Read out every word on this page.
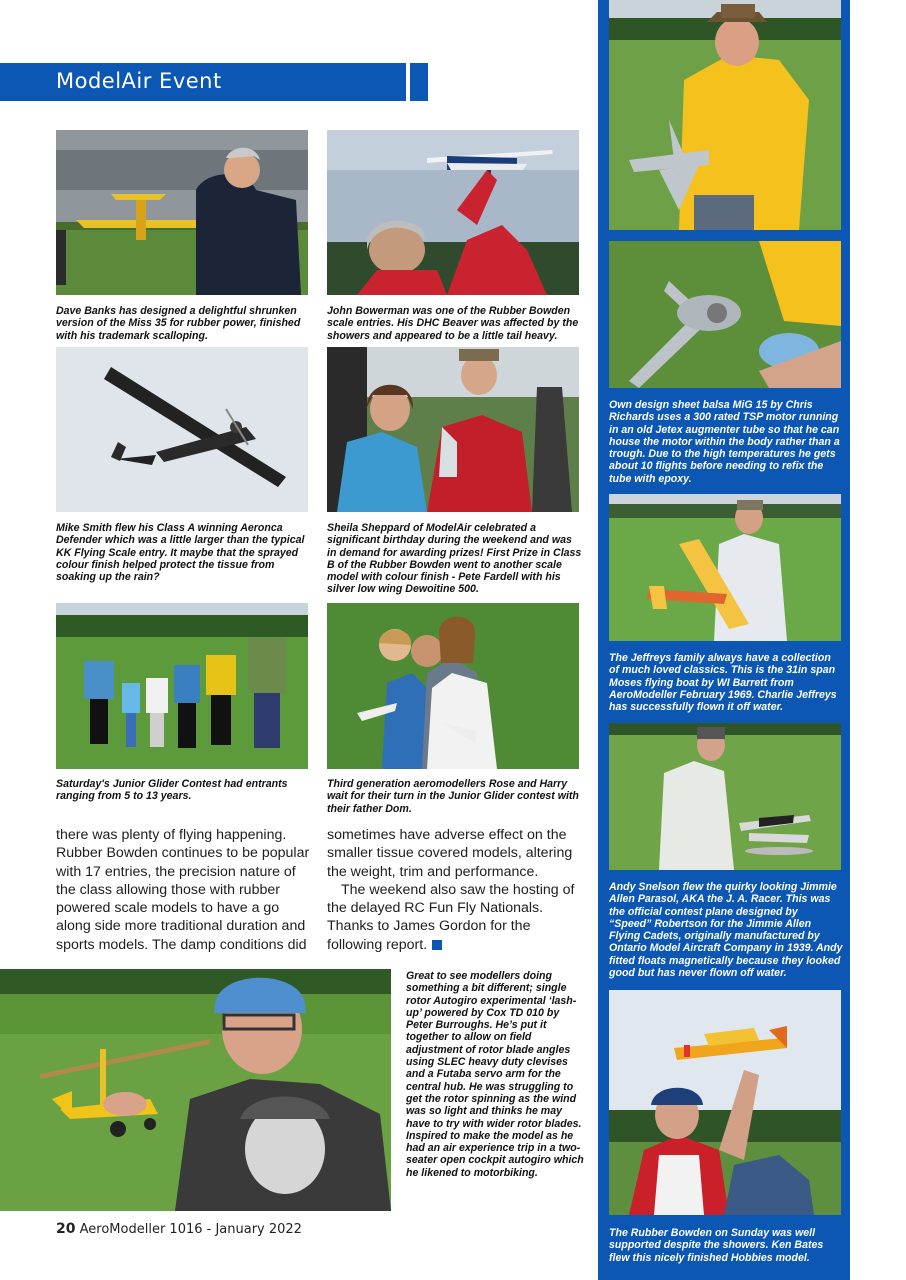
ModelAir Event
Dave Banks has designed a delightful shrunken version of the Miss 35 for rubber power, finished with his trademark scalloping.
John Bowerman was one of the Rubber Bowden scale entries. His DHC Beaver was affected by the showers and appeared to be a little tail heavy.
Mike Smith flew his Class A winning Aeronca Defender which was a little larger than the typical KK Flying Scale entry. It maybe that the sprayed colour finish helped protect the tissue from soaking up the rain?
Sheila Sheppard of ModelAir celebrated a significant birthday during the weekend and was in demand for awarding prizes! First Prize in Class B of the Rubber Bowden went to another scale model with colour finish - Pete Fardell with his silver low wing Dewoitine 500.
Saturday's Junior Glider Contest had entrants ranging from 5 to 13 years.
Third generation aeromodellers Rose and Harry wait for their turn in the Junior Glider contest with their father Dom.

there was plenty of flying happening. Rubber Bowden continues to be popular with 17 entries, the precision nature of the class allowing those with rubber powered scale models to have a go along side more traditional duration and sports models. The damp conditions did

sometimes have adverse effect on the smaller tissue covered models, altering the weight, trim and performance.

The weekend also saw the hosting of the delayed RC Fun Fly Nationals. Thanks to James Gordon for the following report.

Great to see modellers doing something a bit different; single rotor Autogiro experimental ‘lash-up’ powered by Cox TD 010 by Peter Burroughs. He’s put it together to allow on field adjustment of rotor blade angles using SLEC heavy duty clevises and a Futaba servo arm for the central hub. He was struggling to get the rotor spinning as the wind was so light and thinks he may have to try with wider rotor blades. Inspired to make the model as he had an air experience trip in a two-seater open cockpit autogiro which he likened to motorbiking.
20 AeroModeller 1016 - January 2022
Own design sheet balsa MiG 15 by Chris Richards uses a 300 rated TSP motor running in an old Jetex augmenter tube so that he can house the motor within the body rather than a trough. Due to the high temperatures he gets about 10 flights before needing to refix the tube with epoxy.
The Jeffreys family always have a collection of much loved classics. This is the 31in span Moses flying boat by WI Barrett from AeroModeller February 1969. Charlie Jeffreys has successfully flown it off water.
Andy Snelson flew the quirky looking Jimmie Allen Parasol, AKA the J. A. Racer. This was the official contest plane designed by “Speed” Robertson for the Jimmie Allen Flying Cadets, originally manufactured by Ontario Model Aircraft Company in 1939. Andy fitted floats magnetically because they looked good but has never flown off water.
The Rubber Bowden on Sunday was well supported despite the showers. Ken Bates flew this nicely finished Hobbies model.
